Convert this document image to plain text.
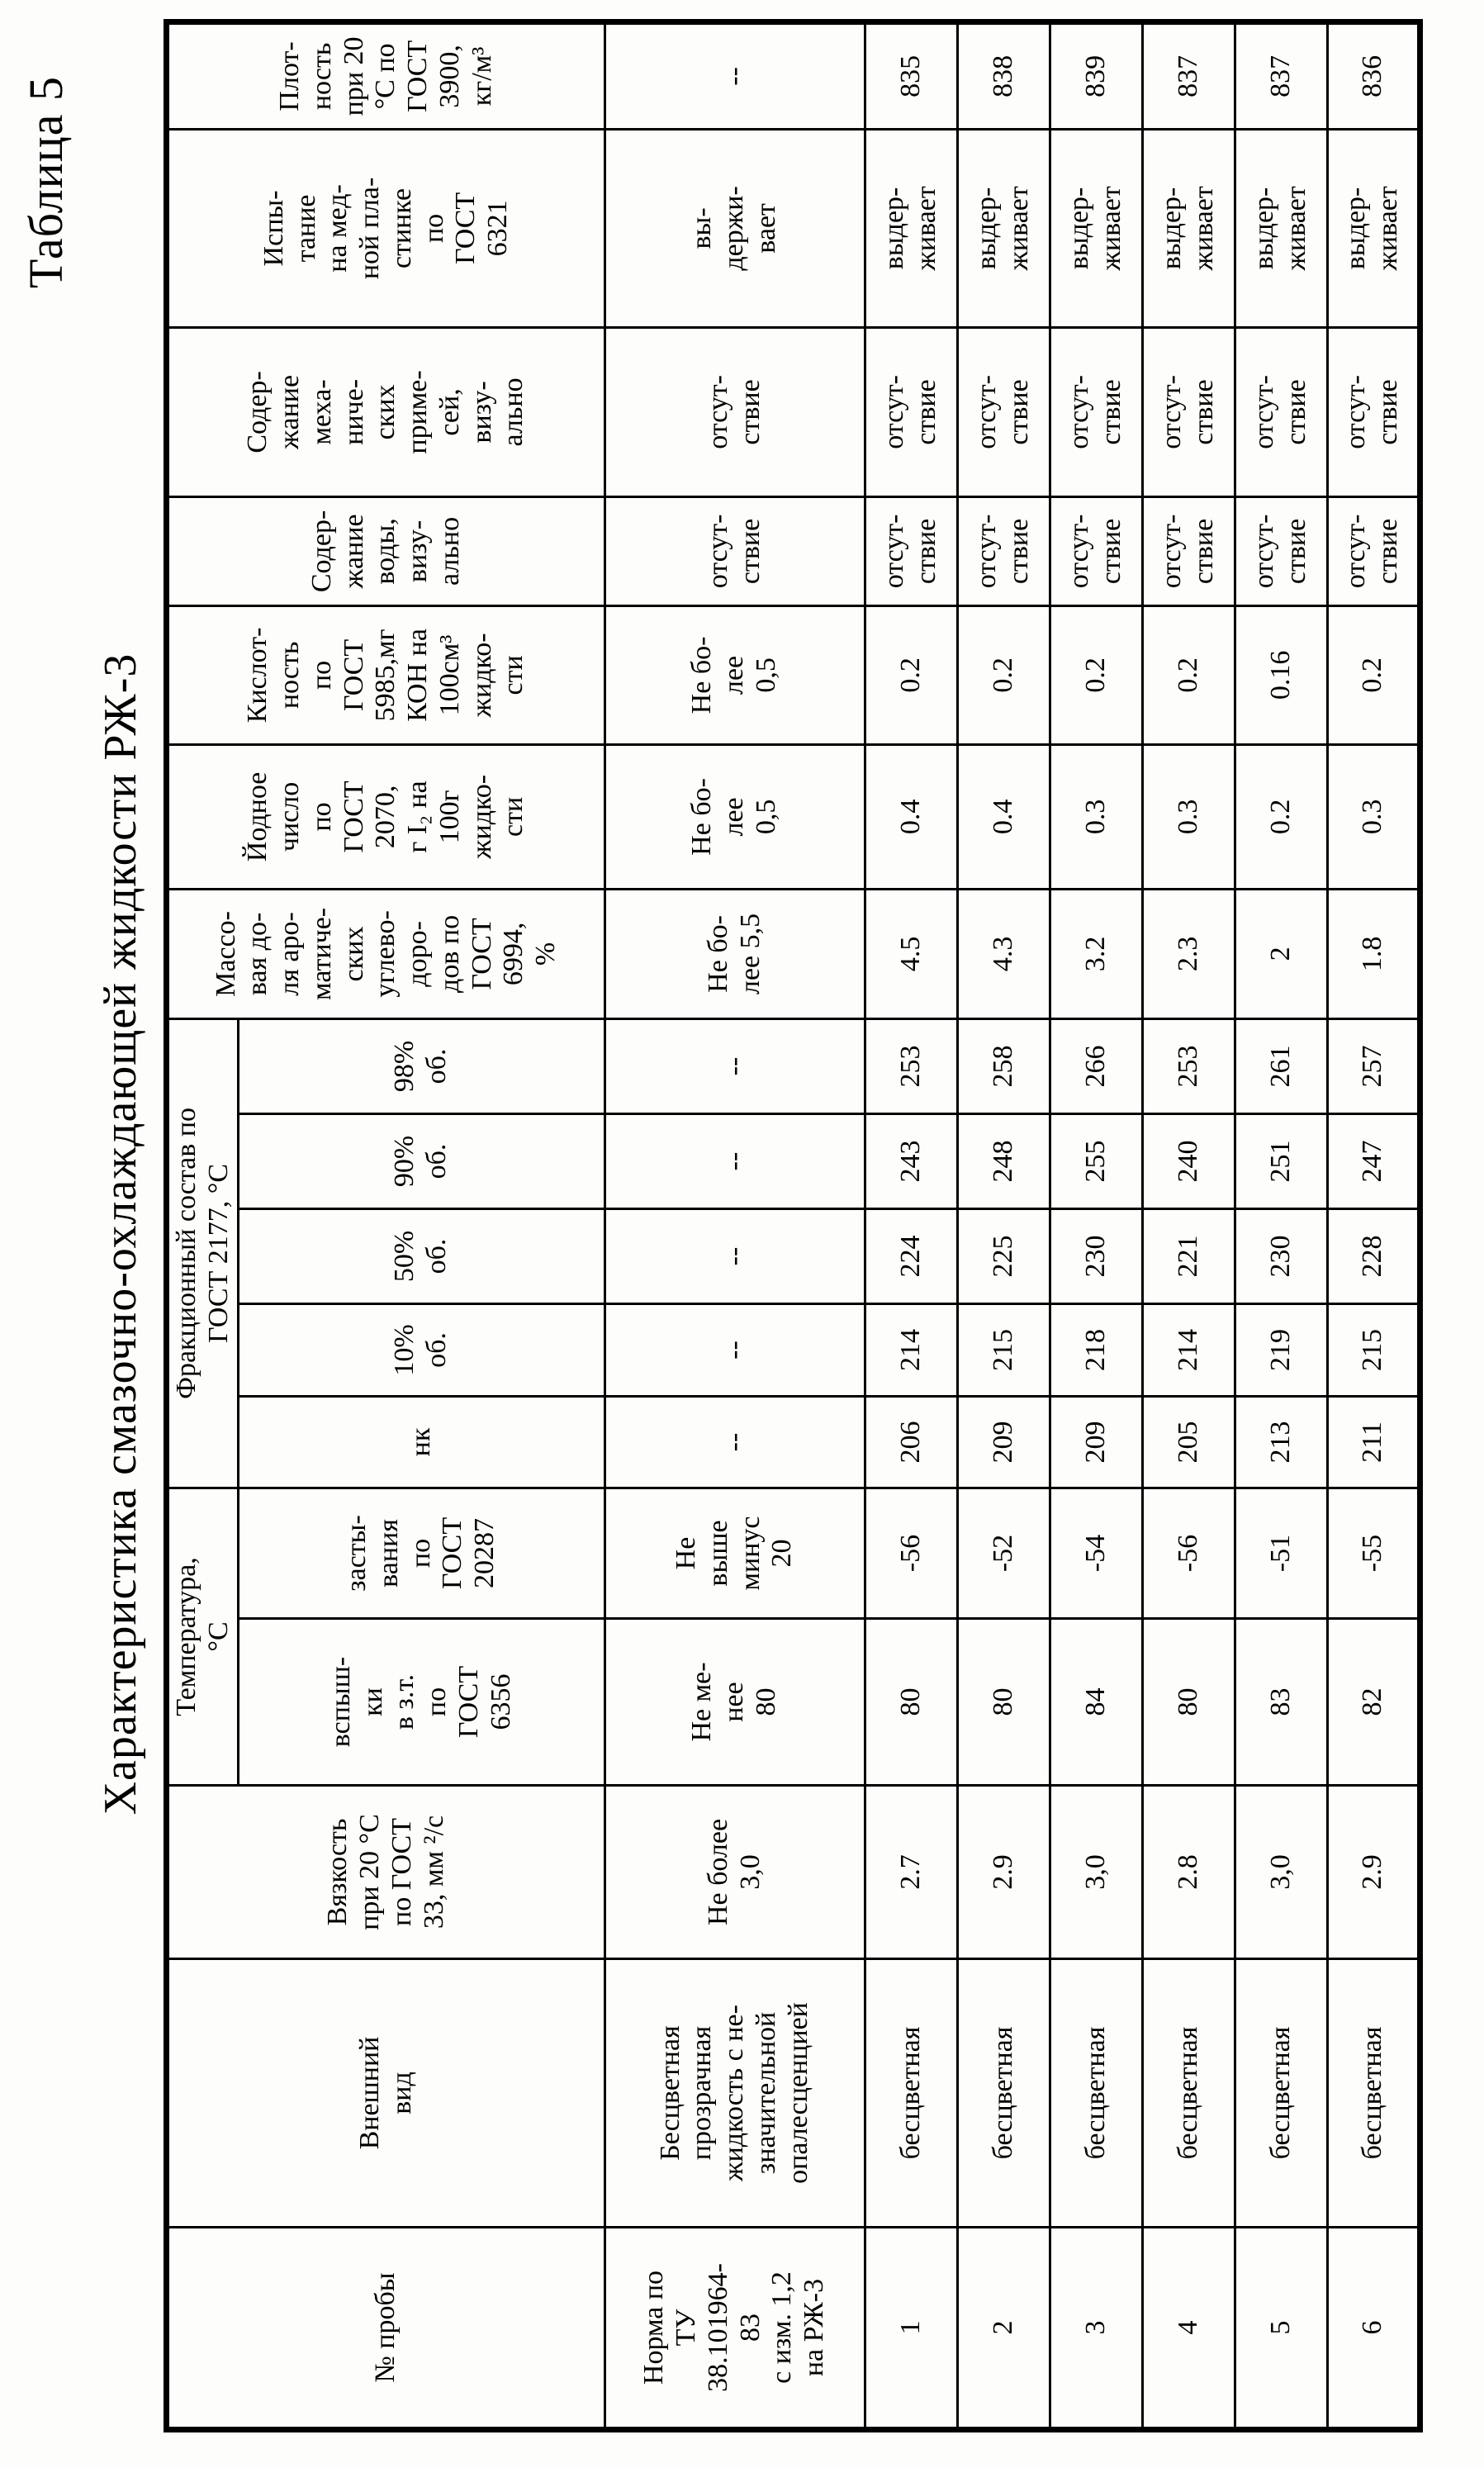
Таблица 5
Характеристика смазочно-охлаждающей жидкости РЖ-3
№ пробы	Внешний
вид	Вязкость
при 20 °С
по ГОСТ
33, мм ²/с	Температура,
°С	Фракционный состав по
ГОСТ 2177, °С	Массо-
вая до-
ля аро-
матиче-
ских
углево-
доро-
дов по
ГОСТ
6994,
%	Йодное
число
по
ГОСТ
2070,
г I₂ на
100г
жидко-
сти	Кислот-
ность
по
ГОСТ
5985,мг
КОН на
100см³
жидко-
сти	Содер-
жание
воды,
визу-
ально	Содер-
жание
меха-
ниче-
ских
приме-
сей,
визу-
ально	Испы-
тание
на мед-
ной пла-
стинке
по
ГОСТ
6321	Плот-
ность
при 20
°С по
ГОСТ
3900,
кг/м³
вспыш-
ки
в з.т.
по
ГОСТ
6356	засты-
вания
по
ГОСТ
20287	нк	10%
об.	50%
об.	90%
об.	98%
об.
Норма по
ТУ
38.101964-
83
с изм. 1,2
на РЖ-3	Бесцветная
прозрачная
жидкость с не-
значительной
опалесценцией	Не более
3,0	Не ме-
нее
80	Не
выше
минус
20	--	--	--	--	--	Не бо-
лее 5,5	Не бо-
лее
0,5	Не бо-
лее
0,5	отсут-
ствие	отсут-
ствие	вы-
держи-
вает	--
1	бесцветная	2.7	80	-56	206	214	224	243	253	4.5	0.4	0.2	отсут-
ствие	отсут-
ствие	выдер-
живает	835
2	бесцветная	2.9	80	-52	209	215	225	248	258	4.3	0.4	0.2	отсут-
ствие	отсут-
ствие	выдер-
живает	838
3	бесцветная	3,0	84	-54	209	218	230	255	266	3.2	0.3	0.2	отсут-
ствие	отсут-
ствие	выдер-
живает	839
4	бесцветная	2.8	80	-56	205	214	221	240	253	2.3	0.3	0.2	отсут-
ствие	отсут-
ствие	выдер-
живает	837
5	бесцветная	3,0	83	-51	213	219	230	251	261	2	0.2	0.16	отсут-
ствие	отсут-
ствие	выдер-
живает	837
6	бесцветная	2.9	82	-55	211	215	228	247	257	1.8	0.3	0.2	отсут-
ствие	отсут-
ствие	выдер-
живает	836
